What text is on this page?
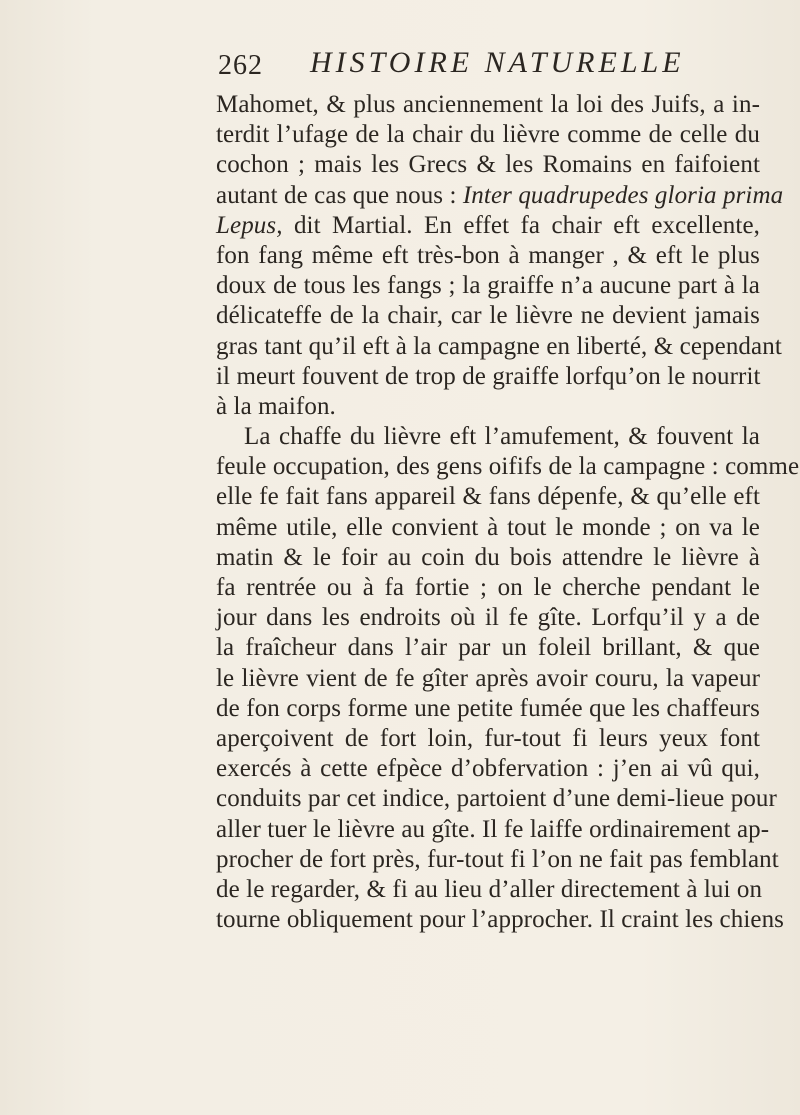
262 HISTOIRE NATURELLE
Mahomet, & plus anciennement la loi des Juifs, a in-
terdit l’ufage de la chair du lièvre comme de celle du
cochon ; mais les Grecs & les Romains en faifoient
autant de cas que nous : Inter quadrupedes gloria prima
Lepus, dit Martial. En effet fa chair eft excellente,
fon fang même eft très-bon à manger , & eft le plus
doux de tous les fangs ; la graiffe n’a aucune part à la
délicateffe de la chair, car le lièvre ne devient jamais
gras tant qu’il eft à la campagne en liberté, & cependant
il meurt fouvent de trop de graiffe lorfqu’on le nourrit
à la maifon.
La chaffe du lièvre eft l’amufement, & fouvent la
feule occupation, des gens oififs de la campagne : comme
elle fe fait fans appareil & fans dépenfe, & qu’elle eft
même utile, elle convient à tout le monde ; on va le
matin & le foir au coin du bois attendre le lièvre à
fa rentrée ou à fa fortie ; on le cherche pendant le
jour dans les endroits où il fe gîte. Lorfqu’il y a de
la fraîcheur dans l’air par un foleil brillant, & que
le lièvre vient de fe gîter après avoir couru, la vapeur
de fon corps forme une petite fumée que les chaffeurs
aperçoivent de fort loin, fur-tout fi leurs yeux font
exercés à cette efpèce d’obfervation : j’en ai vû qui,
conduits par cet indice, partoient d’une demi-lieue pour
aller tuer le lièvre au gîte. Il fe laiffe ordinairement ap-
procher de fort près, fur-tout fi l’on ne fait pas femblant
de le regarder, & fi au lieu d’aller directement à lui on
tourne obliquement pour l’approcher. Il craint les chiens
